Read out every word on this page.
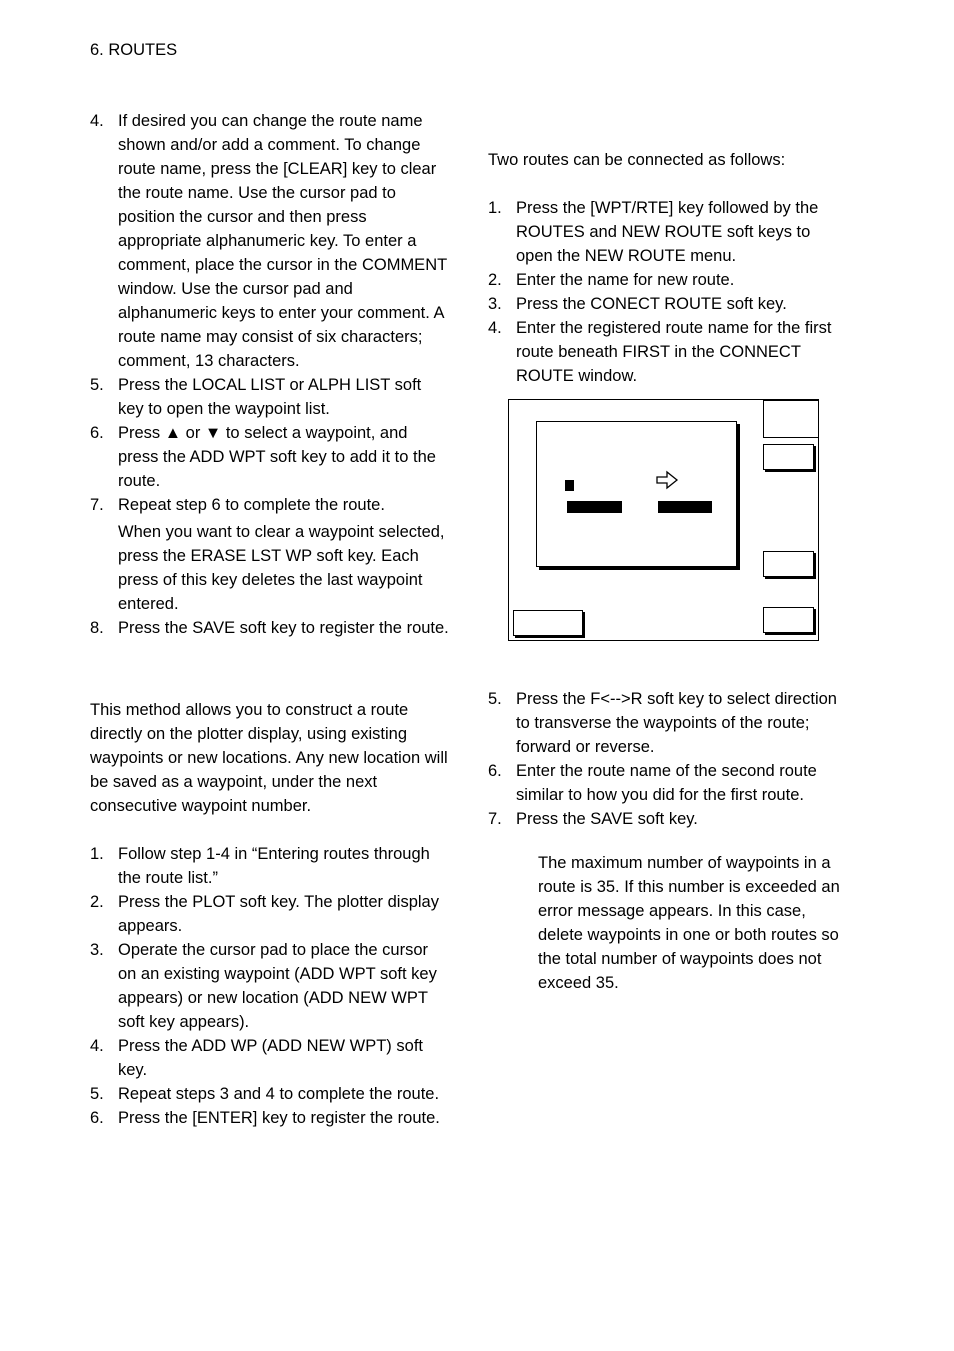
6. ROUTES
4. If desired you can change the route name shown and/or add a comment. To change route name, press the [CLEAR] key to clear the route name. Use the cursor pad to position the cursor and then press appropriate alphanumeric key. To enter a comment, place the cursor in the COMMENT window. Use the cursor pad and alphanumeric keys to enter your comment. A route name may consist of six characters; comment, 13 characters.
5. Press the LOCAL LIST or ALPH LIST soft key to open the waypoint list.
6. Press ▲ or ▼ to select a waypoint, and press the ADD WPT soft key to add it to the route.
7. Repeat step 6 to complete the route.

When you want to clear a waypoint selected, press the ERASE LST WP soft key. Each press of this key deletes the last waypoint entered.

8. Press the SAVE soft key to register the route.

This method allows you to construct a route directly on the plotter display, using existing waypoints or new locations. Any new location will be saved as a waypoint, under the next consecutive waypoint number.

1. Follow step 1-4 in “Entering routes through the route list.”
2. Press the PLOT soft key. The plotter display appears.
3. Operate the cursor pad to place the cursor on an existing waypoint (ADD WPT soft key appears) or new location (ADD NEW WPT soft key appears).
4. Press the ADD WP (ADD NEW WPT) soft key.
5. Repeat steps 3 and 4 to complete the route.
6. Press the [ENTER] key to register the route.

Two routes can be connected as follows:

1. Press the [WPT/RTE] key followed by the ROUTES and NEW ROUTE soft keys to open the NEW ROUTE menu.
2. Enter the name for new route.
3. Press the CONECT ROUTE soft key.
4. Enter the registered route name for the first route beneath FIRST in the CONNECT ROUTE window.
5. Press the F<-->R soft key to select direction to transverse the waypoints of the route; forward or reverse.
6. Enter the route name of the second route similar to how you did for the first route.
7. Press the SAVE soft key.

The maximum number of waypoints in a route is 35. If this number is exceeded an error message appears. In this case, delete waypoints in one or both routes so the total number of waypoints does not exceed 35.
